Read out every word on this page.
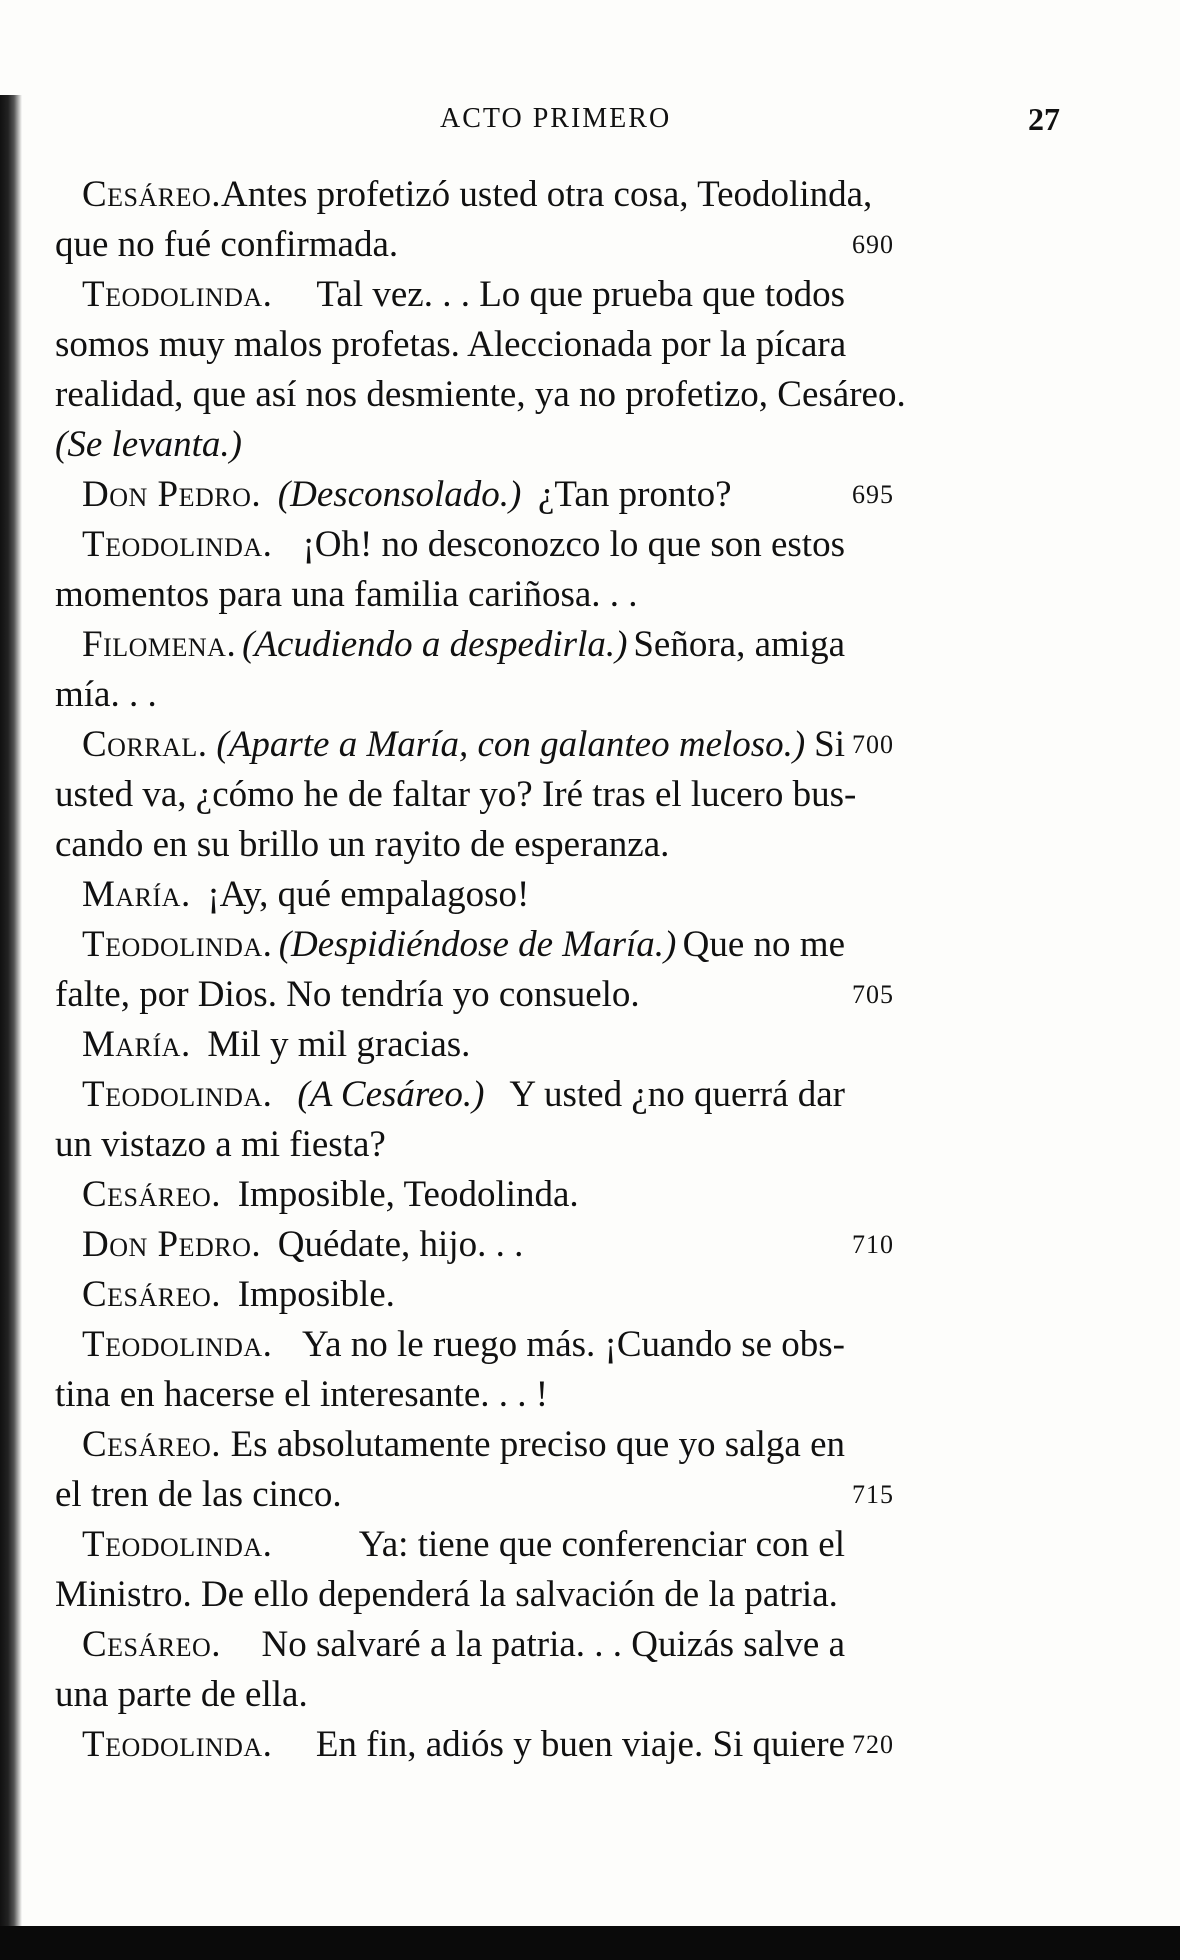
ACTO PRIMERO	27
Cesáreo. Antes profetizó usted otra cosa, Teodolinda,
que no fué confirmada.	690
Teodolinda. Tal vez. . . Lo que prueba que todos
somos muy malos profetas. Aleccionada por la pícara
realidad, que así nos desmiente, ya no profetizo, Cesáreo.
(Se levanta.)
Don Pedro. (Desconsolado.) ¿Tan pronto?	695
Teodolinda. ¡Oh! no desconozco lo que son estos
momentos para una familia cariñosa. . .
Filomena. (Acudiendo a despedirla.) Señora, amiga
mía. . .
Corral. (Aparte a María, con galanteo meloso.) Si 700
usted va, ¿cómo he de faltar yo? Iré tras el lucero bus-
cando en su brillo un rayito de esperanza.
María. ¡Ay, qué empalagoso!
Teodolinda. (Despidiéndose de María.) Que no me
falte, por Dios. No tendría yo consuelo.	705
María. Mil y mil gracias.
Teodolinda. (A Cesáreo.) Y usted ¿no querrá dar
un vistazo a mi fiesta?
Cesáreo. Imposible, Teodolinda.
Don Pedro. Quédate, hijo. . .	710
Cesáreo. Imposible.
Teodolinda. Ya no le ruego más. ¡Cuando se obs-
tina en hacerse el interesante. . . !
Cesáreo. Es absolutamente preciso que yo salga en
el tren de las cinco.	715
Teodolinda. Ya: tiene que conferenciar con el
Ministro. De ello dependerá la salvación de la patria.
Cesáreo. No salvaré a la patria. . . Quizás salve a
una parte de ella.
Teodolinda. En fin, adiós y buen viaje. Si quiere 720
